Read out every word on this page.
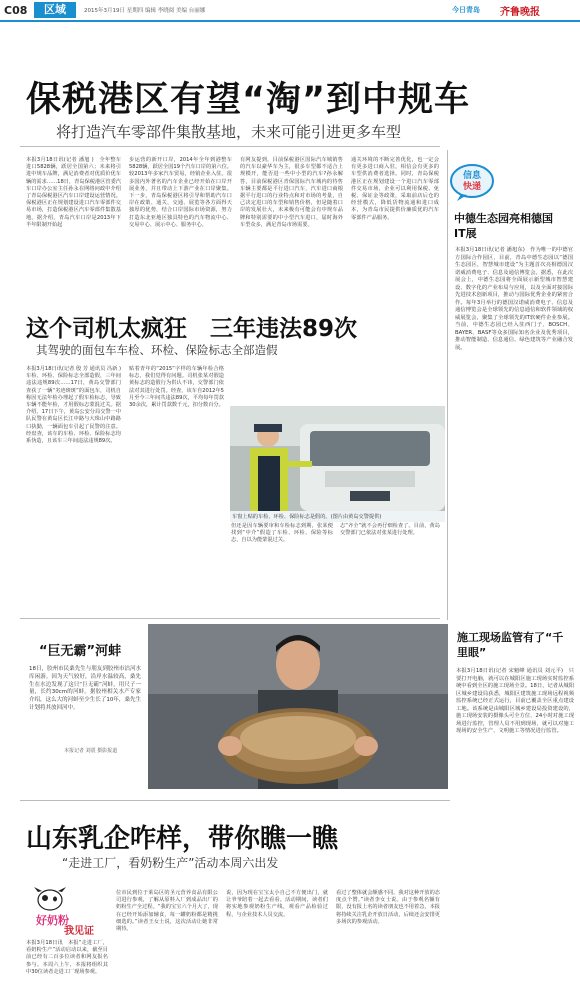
C08	区域	2015年3月19日 星期四 编辑 李晓阅 美编 台丽娜	今日青岛 齐鲁晚报
保税港区有望“淘”到中规车
将打造汽车零部件集散基地，未来可能引进更多车型
本报3月18日讯(记者 潘旭 )　全年整车进口5828辆，跃居全国第六；未来将引进中规车品牌，满足消费者对优质价优车辆的需求……18日，青岛保税港区管委汽车口岸办公室主任孙永在网络问政中介绍了青岛保税港区汽车口岸建设运营情况。保税港区正在规划建设进口汽车零部件交易市场，打造保税港区汽车零部件集散基地。据介绍，青岛汽车口岸是2013年下半年限制开始起
步运营的新开口岸，2014年全年到港整车5828辆，跃居全国19个汽车口岸的第六位。较2013年多家汽车贸易，经销企业入驻。很多国内外著名的汽车企业已经开始在口岸开展业务，并且带动上下游产业在口岸聚集。下一步，青岛保税港区将引导和帮助汽车口岸在政策、通关、交通、展览等各方面得天独厚的优势，结合口岸国际市场资源，努力打造东北亚地区独具特色的汽车物流中心、交易中心、展示中心、服务中心。
有网友提到，目前保税港区国际汽车城销售的汽车以豪华车为主，很多车型都不适合上规模开，能否进一些中小型的汽车?孙永解答，目前保税港区青保国际汽车城内的待售车辆主要都是平行进口汽车，汽车进口商根据平行进口的行业特点和对市场的考量，自己决定进口的车型和销售价格，但是随着口岸的发展壮大，未来极有可能会有中规车品牌和特别需要的中小型汽车进口，届时海外车型众多，满足青岛市场需要。
通关环境的不断完善优化，也一定会有更多进口商入驻，相信会有更多的车型供消费者选择。同时，青岛保税港区正在规划建设一个进口汽车零部件交易市场，企业可以利用保税、免税、保证金等政策，采取前店后仓的经营模式，降低货物流通和进口成本，为青岛市民提供价廉质优的汽车零部件产品服务。
信息
快递
中德生态园亮相德国IT展
本报3月18日讯(记者 潘旭东)　作为唯一的中德官方国际合作园区，目前，青岛中德生态园以“德国生态园区，智慧城市建设”为主题首次亮相德国汉诺威消费电子、信息及通信博览会。据悉，在此次展会上，中德生态园将全面展示新型城市智慧建设、数字化的产业布局与应用，以及全面对接国际先进技术创新项目，推动与国际优秀企业的紧密合作。每年3月举行的德国汉诺威消费电子、信息及通信博览会是全球领先的信息通信和软件领域的权威展览会，聚集了全球领先的IT软硬件企业参展。当前，中德生态园已经入驻西门子、BOSCH、BAYER、BASF等众多国际知名企业及优秀项目，推动智能制造、信息通信、绿色建筑等产业融合发展。
这个司机太疯狂　三年违法89次
其驾驶的面包车车检、环检、保险标志全部造假
本报3月18日讯(记者 殷 芳 通讯员 冯新 )　车检、环检、保险标志全部造假，三年间违法违规89次……17日，黄岛交警部门查获了一辆“劣迹斑斑”的面包车，司机自称因无法年检办理起了假车检标志，导致车辆不能年检，才用假标志蒙混过关。据介绍，17日下午，黄岛公安分局交警一中队民警在黄岛区长江中路与大珠山中路路口执勤，一辆面包车引起了民警的注意。经盘查，该车的车检、环检、保险标志均系伪造，且该车三年间违法违规89次。
贴着青年的“2015”字样的车辆年检合格标志，我们觉得有问题。司机张某对假造黄标志的造假行为供认不讳，交警部门依法对其进行处罚。经查，该车自2012年5月至今三年间共违法89次，平均每年罚款30余次，累计罚款数千元，扣分数百分。
车窗上贴的车检、环检、保险标志是假的。(图片由黄岛交警提供)
但还是因车辆要审和车检标志到期，张某便找到“中介”假造了车检、环检、保险等标志，自以为能蒙混过关。
志“齐全”就不会再仔细检查了。目前，黄岛交警部门已依法对张某进行处理。
“巨无霸”河蚌
18日，胶州市民桑先生与朋友到胶州市沽河水库闲游。因为天气较好，沿岸水温较高，桑先生在水边发现了这只“巨无霸”河蚌，用尺子一量，长约30cm的河蚌。据胶州相关水产专家介绍，这么大的河蚌至少生长了10年，桑先生计划将其放回河中。
本报记者 刘震 摄影报道
施工现场监管有了“千里眼”
本报3月18日讯(记者 宋魁峰 通讯员 刘元平)　只要打开电脑，就可以在城阳区施工现场实时监控系统中看到全区的施工现场全景。18日，记者从城阳区城乡建设局获悉，城阳区建筑施工现场远程视频监控系统已经正式运行，目前已覆盖全区重点建设工地。该系统是由城阳区城乡建设局投资建设的，施工现场安装的摄像头可全方位、24小时对施工现场进行监控，管理人员不用到现场，就可以对施工现场的安全生产、文明施工等情况进行监管。
山东乳企咋样，带你瞧一瞧
“走进工厂，看奶粉生产”活动本周六出发
好奶粉
我见证
本报3月18日讯　本报“走进工厂，看奶粉生产”活动启动以来，截至目前已经有二百多位读者和网友报名参与。本周六上午，本报将组织其中30位读者走进工厂现场参观。
位市民到位于莱岛区的圣元营养食品有限公司进行参观，了解从原料入厂到成品出厂的奶粉生产全过程。“我的宝宝六个月大了，现在已经开始添加辅食，每一罐奶粉都是精挑细选的。”读者王女士说，这次活动让她非常期待。
说，因为现在宝宝太小自己不方便出门，就让爷爷陪着一起去看看。活动期间，读者们将实地参观奶粉生产线，观看产品检验过程，与企业技术人员交流。
看过了整体就会颇感不同。我对这种开放的态度点个赞。”读者李女士说。由于参观名额有限，没有报上名的读者朋友也不用着急，本报将持续关注乳企开放日活动，后续还会安排更多场次的参观活动。
